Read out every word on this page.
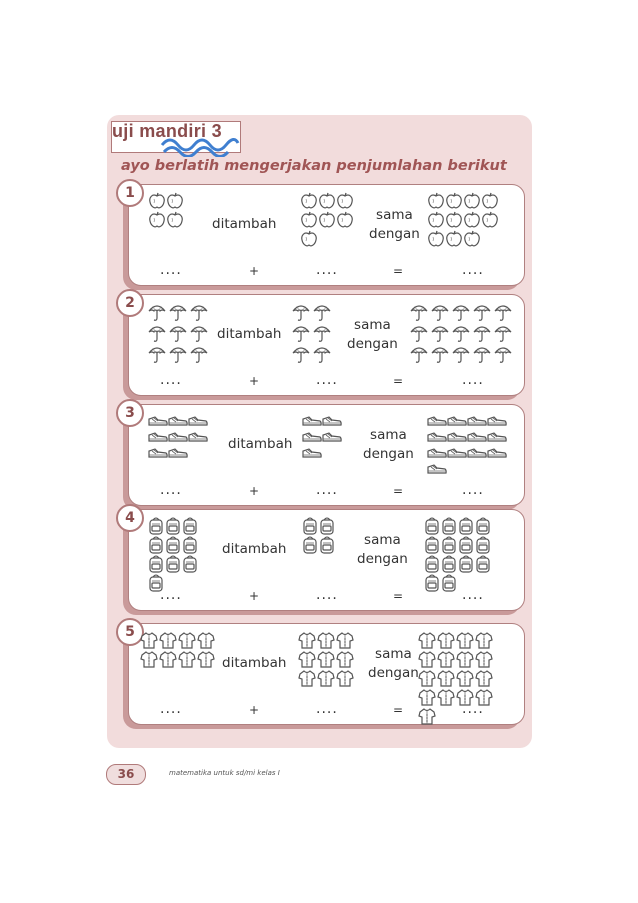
uji mandiri 3
ayo berlatih mengerjakan penjumlahan berikut
1
ditambah
sama
dengan
....	+	....	=	....
2
ditambah
sama
dengan
....	+	....	=	....
3
ditambah
sama
dengan
....	+	....	=	....
4
ditambah
sama
dengan
....	+	....	=	....
5
ditambah
sama
dengan
....	+	....	=	....
36	matematika untuk sd/mi kelas I
